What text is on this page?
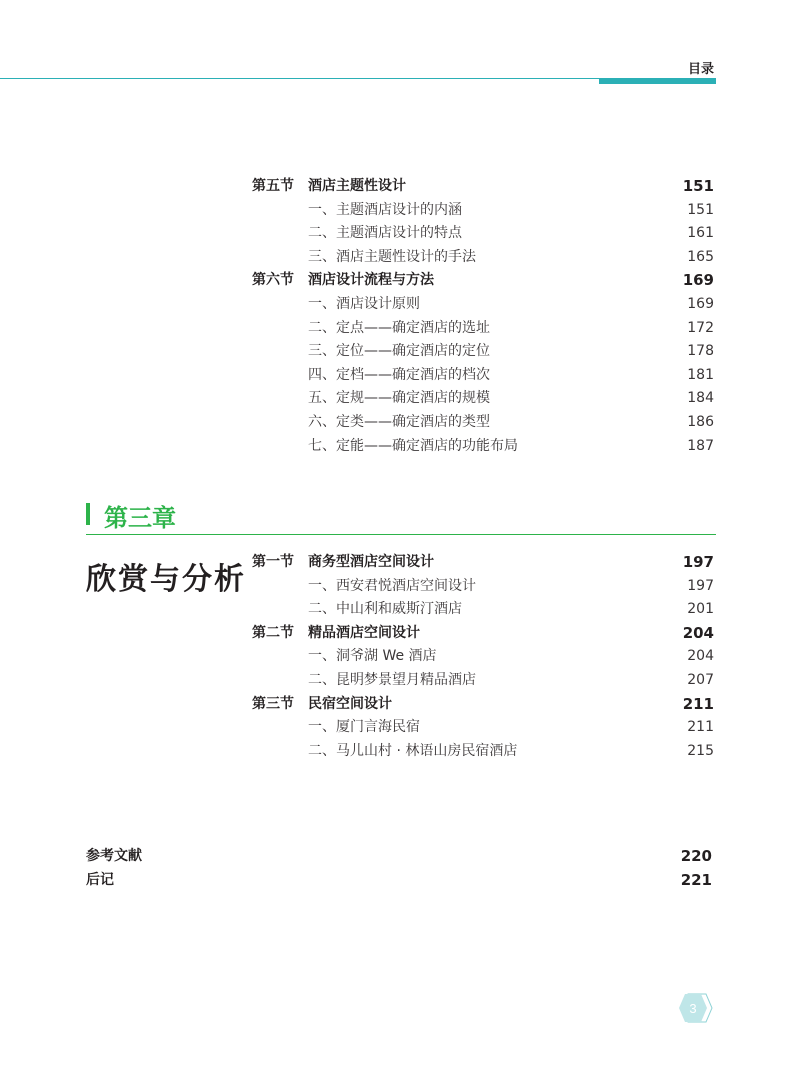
目录
第五节 酒店主题性设计	151
一、主题酒店设计的内涵	151
二、主题酒店设计的特点	161
三、酒店主题性设计的手法	165
第六节 酒店设计流程与方法	169
一、酒店设计原则	169
二、定点——确定酒店的选址	172
三、定位——确定酒店的定位	178
四、定档——确定酒店的档次	181
五、定规——确定酒店的规模	184
六、定类——确定酒店的类型	186
七、定能——确定酒店的功能布局	187
第三章
欣赏与分析 第一节 商务型酒店空间设计	197
一、西安君悦酒店空间设计	197
二、中山利和威斯汀酒店	201
第二节 精品酒店空间设计	204
一、洞爷湖 We 酒店	204
二、昆明梦景望月精品酒店	207
第三节 民宿空间设计	211
一、厦门言海民宿	211
二、马儿山村 · 林语山房民宿酒店	215
参考文献	220
后记	221
3
